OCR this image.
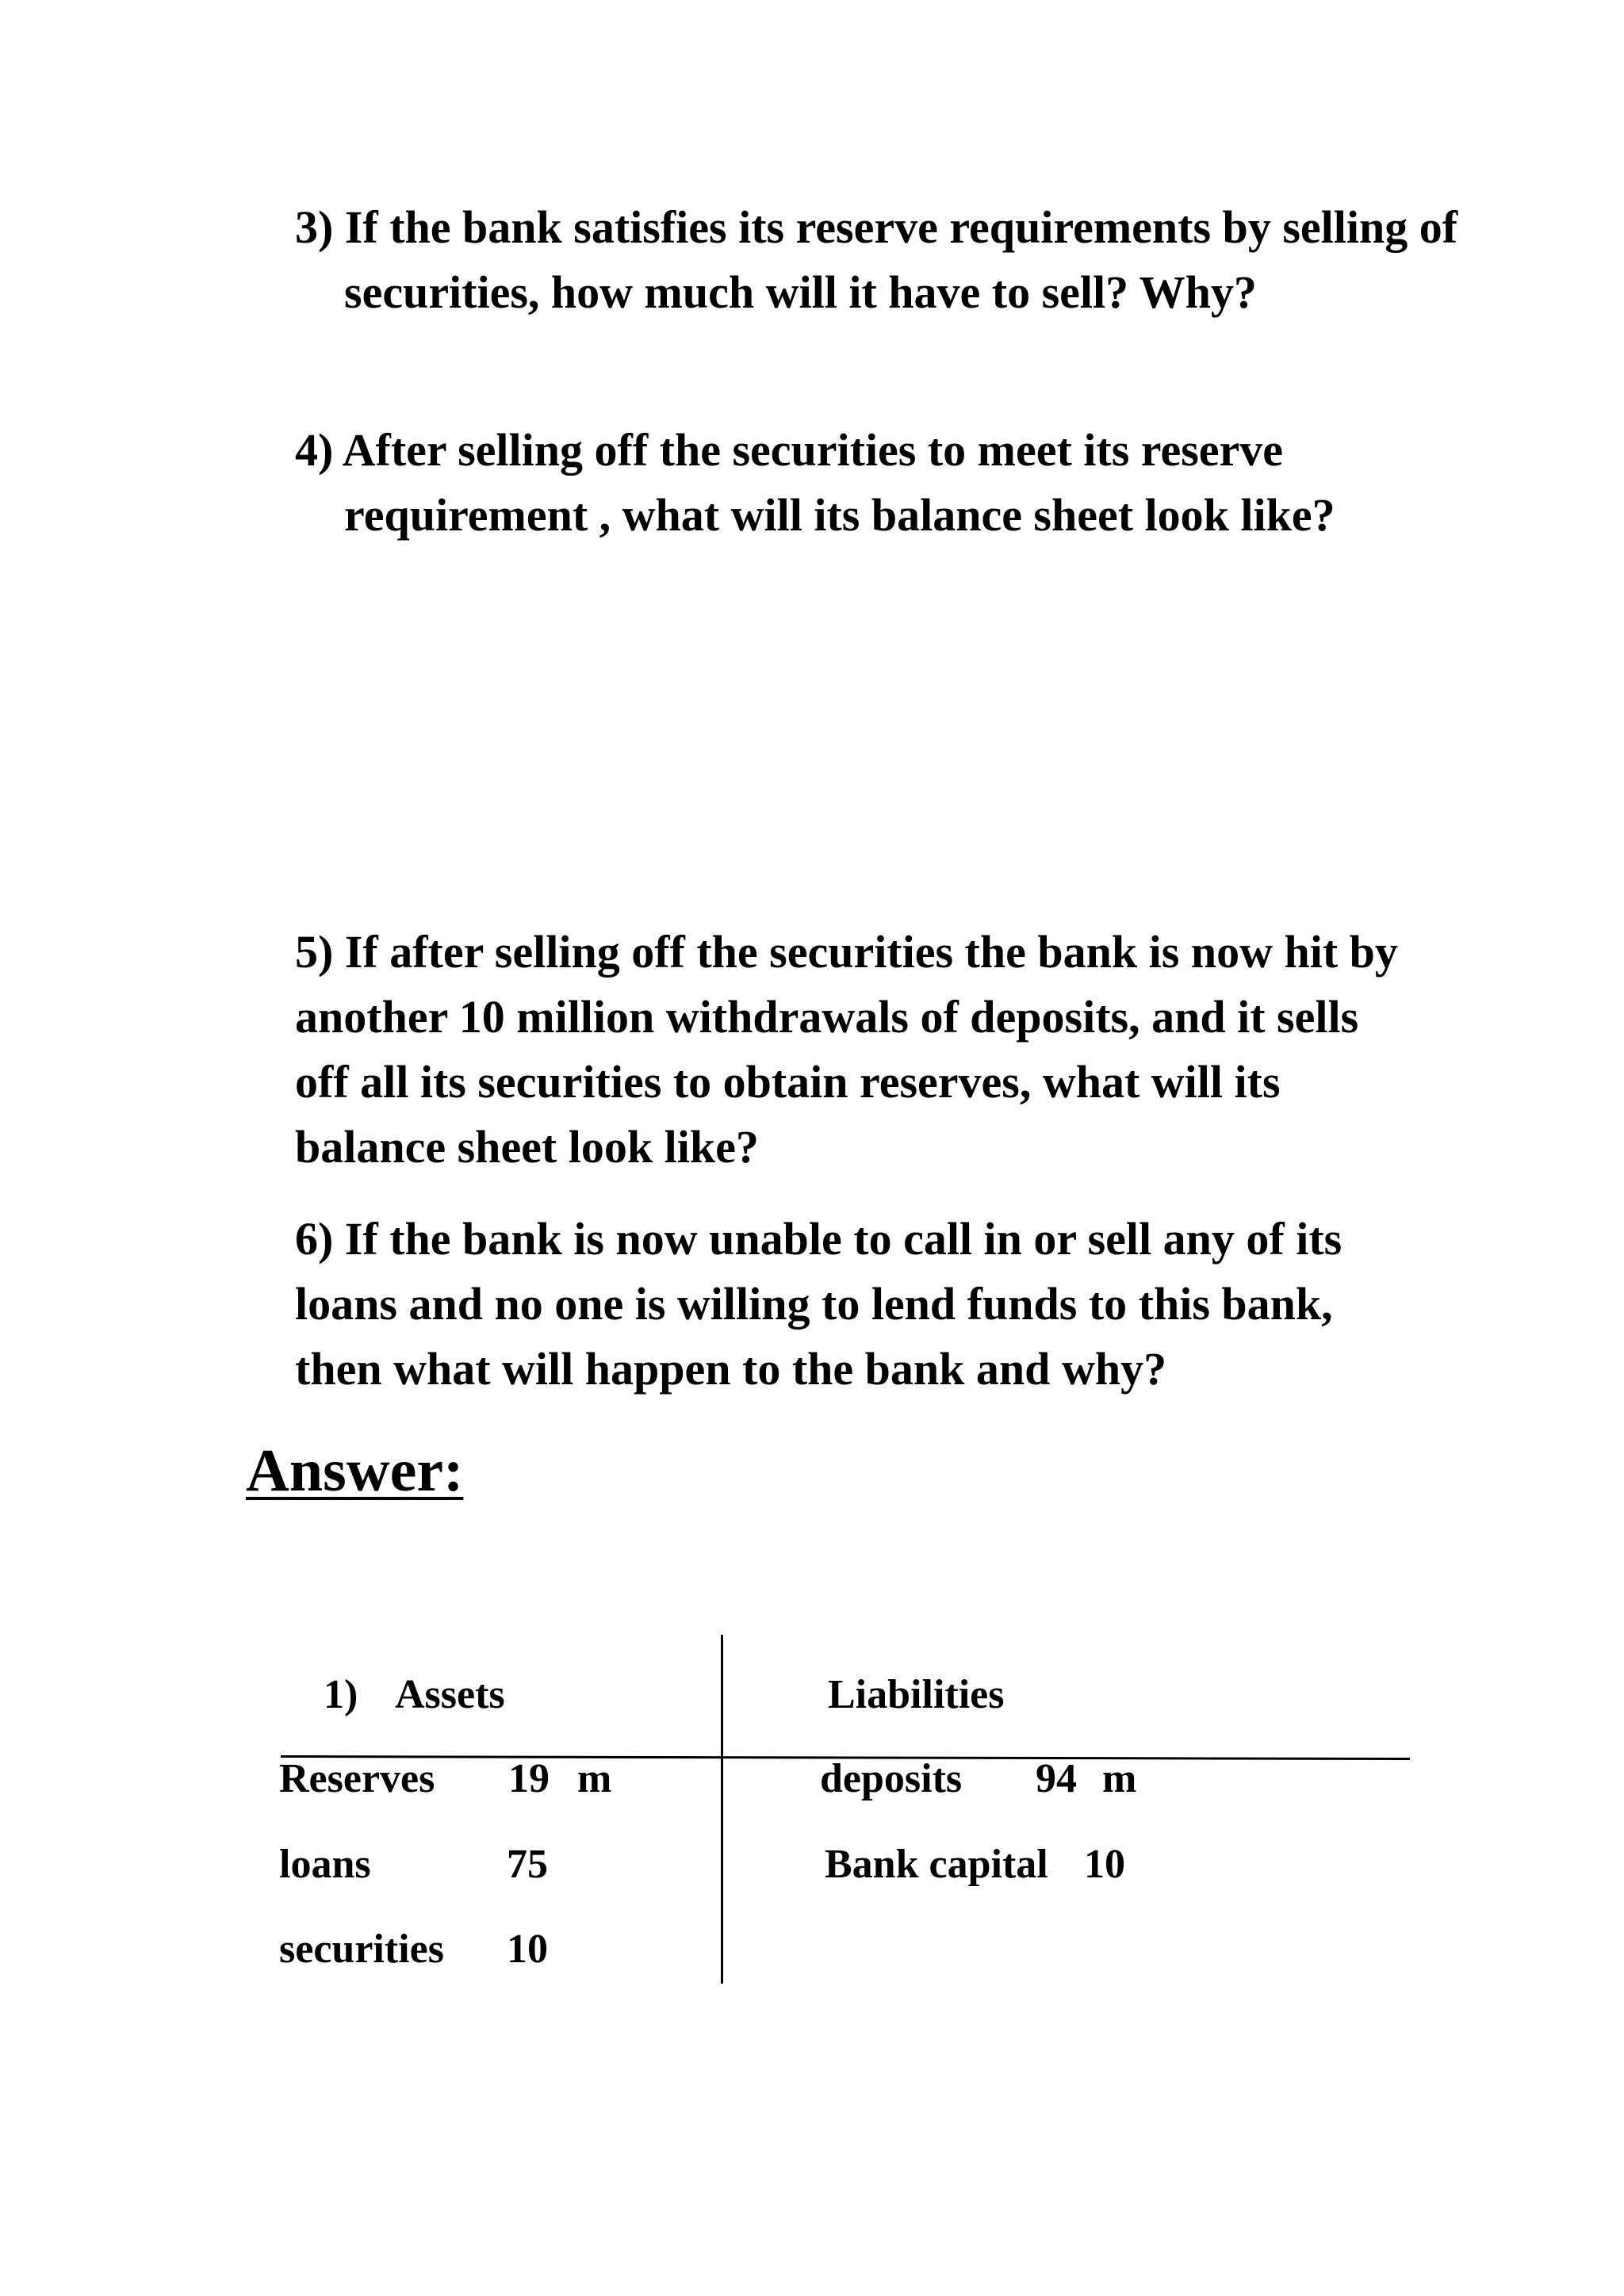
3) If the bank satisfies its reserve requirements by selling of securities, how much will it have to sell? Why?

4) After selling off the securities to meet its reserve requirement , what will its balance sheet look like?

5) If after selling off the securities the bank is now hit by another 10 million withdrawals of deposits, and it sells off all its securities to obtain reserves, what will its balance sheet look like?

6) If the bank is now unable to call in or sell any of its loans and no one is willing to lend funds to this bank, then what will happen to the bank and why?

Answer:
1) Assets	Liabilities
Reserves 19 m
loans	75
securities 10
deposits 94 m
Bank capital 10
